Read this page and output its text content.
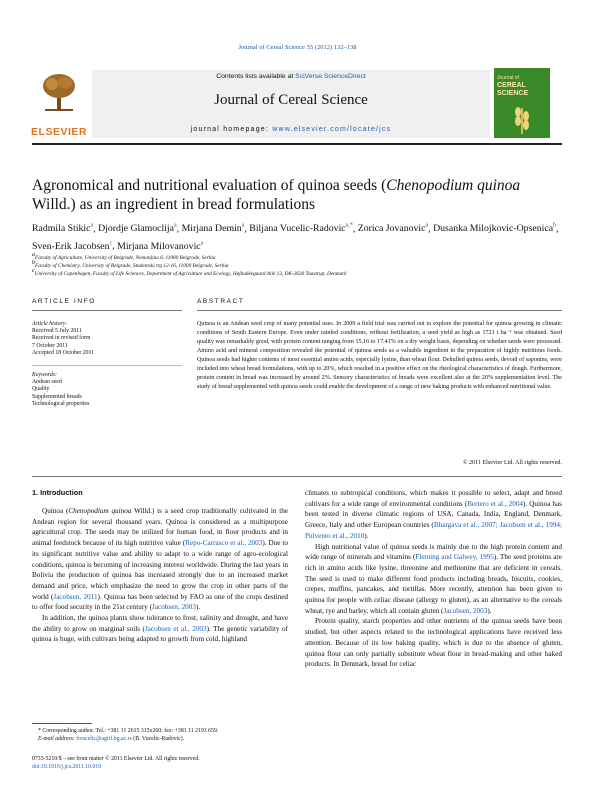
Journal of Cereal Science 55 (2012) 132–138
ELSEVIER
Contents lists available at SciVerse ScienceDirect
Journal of Cereal Science
journal homepage: www.elsevier.com/locate/jcs
Journal of
CEREAL
SCIENCE
Agronomical and nutritional evaluation of quinoa seeds (Chenopodium quinoa Willd.) as an ingredient in bread formulations
Radmila Stikic$^a$, Djordje Glamoclija$^a$, Mirjana Demin$^a$, Biljana Vucelic-Radovic$^{a,*}$, Zorica Jovanovic$^a$, Dusanka Milojkovic-Opsenica$^b$, Sven-Erik Jacobsen$^c$, Mirjana Milovanovic$^a$
$^a$Faculty of Agriculture, University of Belgrade, Nemanjina 6, 11080 Belgrade, Serbia
$^b$Faculty of Chemistry, University of Belgrade, Studentski trg 12-16, 11000 Belgrade, Serbia
$^c$University of Copenhagen, Faculty of Life Sciences, Department of Agriculture and Ecology, Højbakkegaard Allé 13, DK-2630 Taastrup, Denmark
ARTICLE INFO
Article history:
Received 5 July 2011
Received in revised form
7 October 2011
Accepted 18 October 2011
Keywords:
Andean seed
Quality
Supplemented breads
Technological properties
ABSTRACT
Quinoa is an Andean seed crop of many potential uses. In 2009 a field trial was carried out to explore the potential for quinoa growing in climatic conditions of South Eastern Europe. Even under rainfed conditions, without fertilization, a seed yield as high as 1721 t ha⁻¹ was obtained. Seed quality was remarkably good, with protein content ranging from 15.16 to 17.41% on a dry weight basis, depending on whether seeds were processed. Amino acid and mineral composition revealed the potential of quinoa seeds as a valuable ingredient in the preparation of highly nutritious foods. Quinoa seeds had higher contents of most essential amino acids, especially lysine, than wheat flour. Dehulled quinoa seeds, devoid of saponins, were included into wheat bread formulations, with up to 20%, which resulted in a positive effect on the rheological characteristics of dough. Furthermore, protein content in bread was increased by around 2%. Sensory characteristics of breads were excellent also at the 20% supplementation level. The study of bread supplemented with quinoa seeds could enable the development of a range of new baking products with enhanced nutritional value.
© 2011 Elsevier Ltd. All rights reserved.
1. Introduction

Quinoa (Chenopodium quinoa Willd.) is a seed crop traditionally cultivated in the Andean region for several thousand years. Quinoa is considered as a multipurpose agricultural crop. The seeds may be utilized for human food, in flour products and in animal feedstock because of its high nutritive value (Repo-Carrasco et al., 2003). Due to its significant nutritive value and ability to adapt to a wide range of agro-ecological conditions, quinoa is becoming of increasing interest worldwide. During the last years in Bolivia the production of quinoa has increased strongly due to an increased market demand and price, which emphasize the need to grow the crop in other parts of the world (Jacobsen, 2011). Quinoa has been selected by FAO as one of the crops destined to offer food security in the 21st century (Jacobsen, 2003).

In addition, the quinoa plants show tolerance to frost, salinity and drought, and have the ability to grow on marginal soils (Jacobsen et al., 2003). The genetic variability of quinoa is huge, with cultivars being adapted to growth from cold, highland

climates to subtropical conditions, which makes it possible to select, adapt and breed cultivars for a wide range of environmental conditions (Bertero et al., 2004). Quinoa has been tested in diverse climatic regions of USA, Canada, India, England, Denmark, Greece, Italy and other European countries (Bhargava et al., 2007; Jacobsen et al., 1994; Pulvento et al., 2010).

High nutritional value of quinoa seeds is mainly due to the high protein content and wide range of minerals and vitamins (Fleming and Galwey, 1995). The seed proteins are rich in amino acids like lysine, threonine and methionine that are deficient in cereals. The seed is used to make different food products including breads, biscuits, cookies, crepes, muffins, pancakes, and tortillas. More recently, attention has been given to quinoa for people with celiac disease (allergy to gluten), as an alternative to the cereals wheat, rye and barley, which all contain gluten (Jacobsen, 2003).

Protein quality, starch properties and other nutrients of the quinoa seeds have been studied, but other aspects related to the technological applications have received less attention. Because of its low baking quality, which is due to the absence of gluten, quinoa flour can only partially substitute wheat flour in bread-making and other baked products. In Denmark, bread for celiac

* Corresponding author. Tel.: +381 11 2615 315x260; fax: +381 11 2193 659.
E-mail address: bvucelic@agrif.bg.ac.rs (B. Vucelic-Radovic).
0733-5210/$ – see front matter © 2011 Elsevier Ltd. All rights reserved.
doi:10.1016/j.jcs.2011.10.010
